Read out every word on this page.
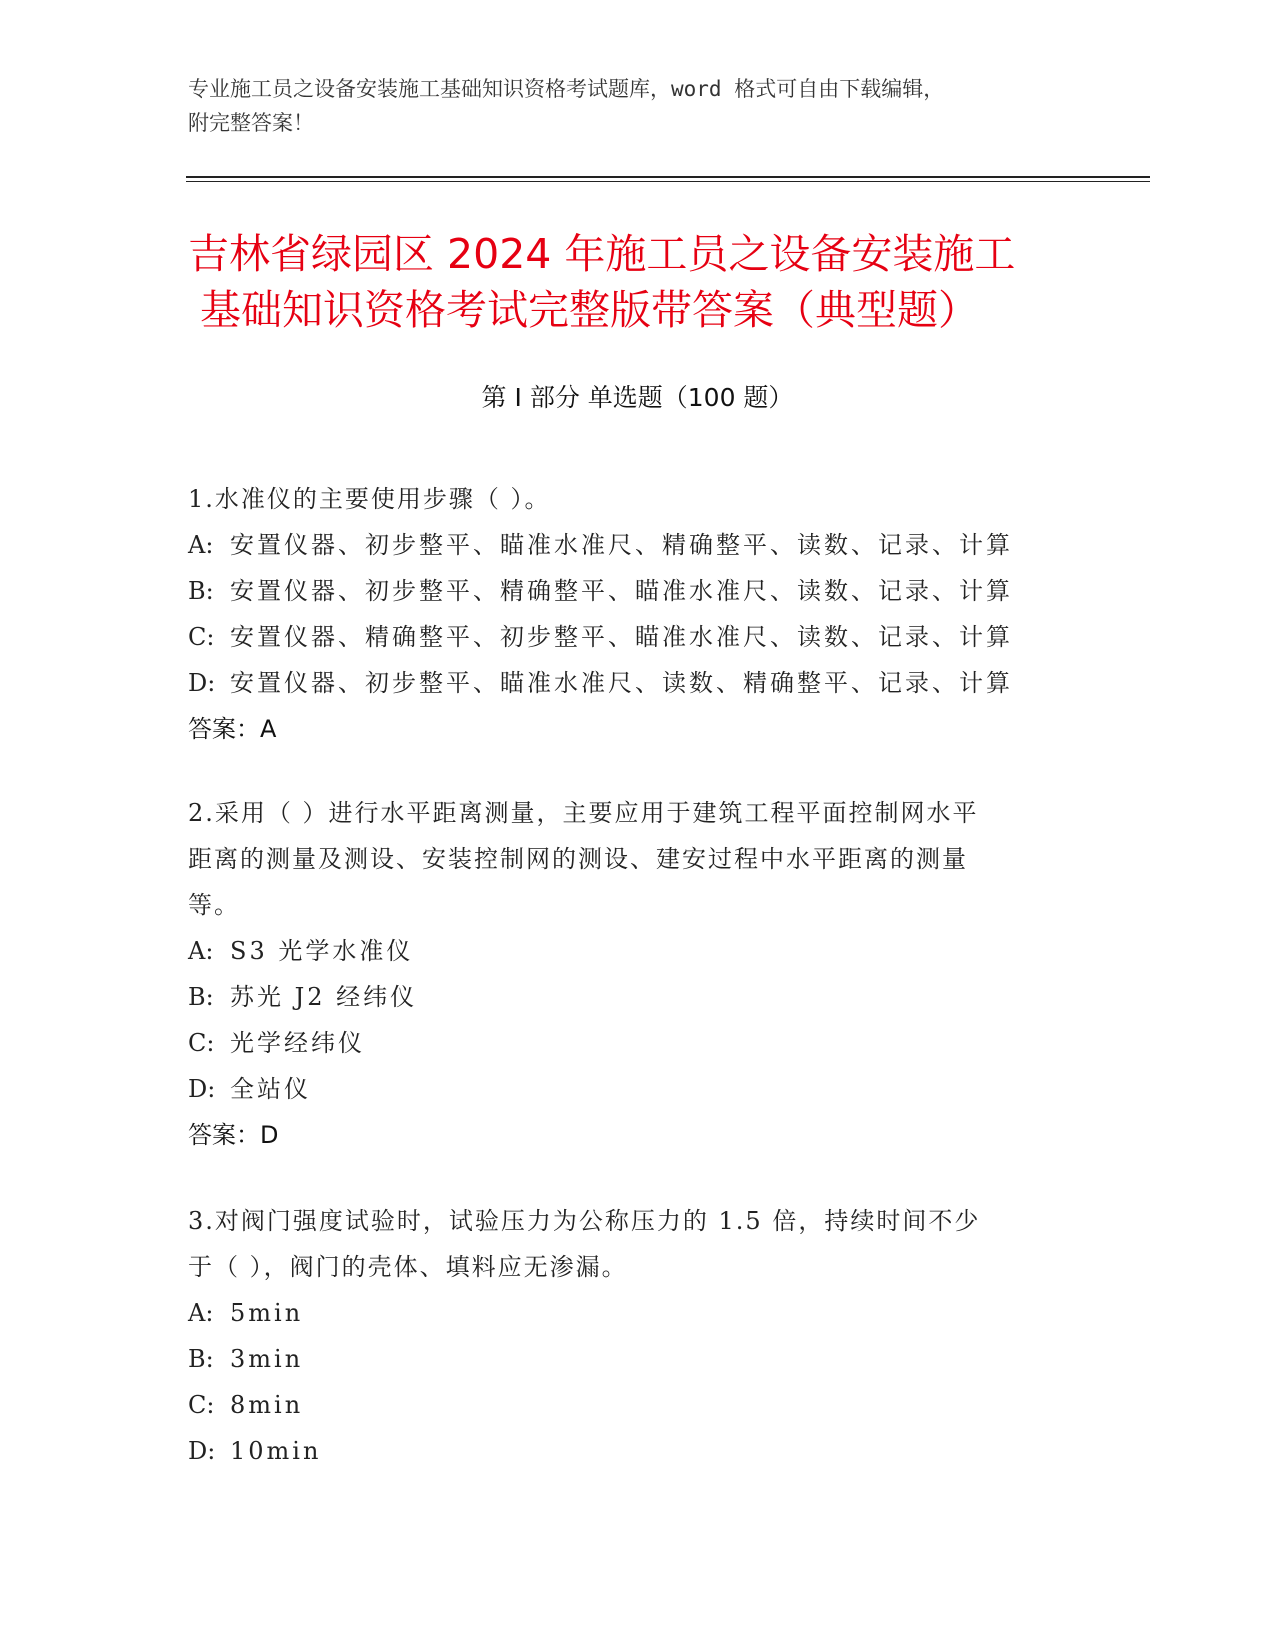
专业施工员之设备安装施工基础知识资格考试题库，word 格式可自由下载编辑，
附完整答案！
吉林省绿园区 2024 年施工员之设备安装施工
基础知识资格考试完整版带答案（典型题）
第 I 部分 单选题（100 题）
1.水准仪的主要使用步骤（ ）。
A: 安置仪器、初步整平、瞄准水准尺、精确整平、读数、记录、计算
B: 安置仪器、初步整平、精确整平、瞄准水准尺、读数、记录、计算
C: 安置仪器、精确整平、初步整平、瞄准水准尺、读数、记录、计算
D: 安置仪器、初步整平、瞄准水准尺、读数、精确整平、记录、计算
答案：A
2.采用（ ）进行水平距离测量，主要应用于建筑工程平面控制网水平
距离的测量及测设、安装控制网的测设、建安过程中水平距离的测量
等。
A: S3 光学水准仪
B: 苏光 J2 经纬仪
C: 光学经纬仪
D: 全站仪
答案：D
3.对阀门强度试验时，试验压力为公称压力的 1.5 倍，持续时间不少
于（ ），阀门的壳体、填料应无渗漏。
A: 5min
B: 3min
C: 8min
D: 10min
